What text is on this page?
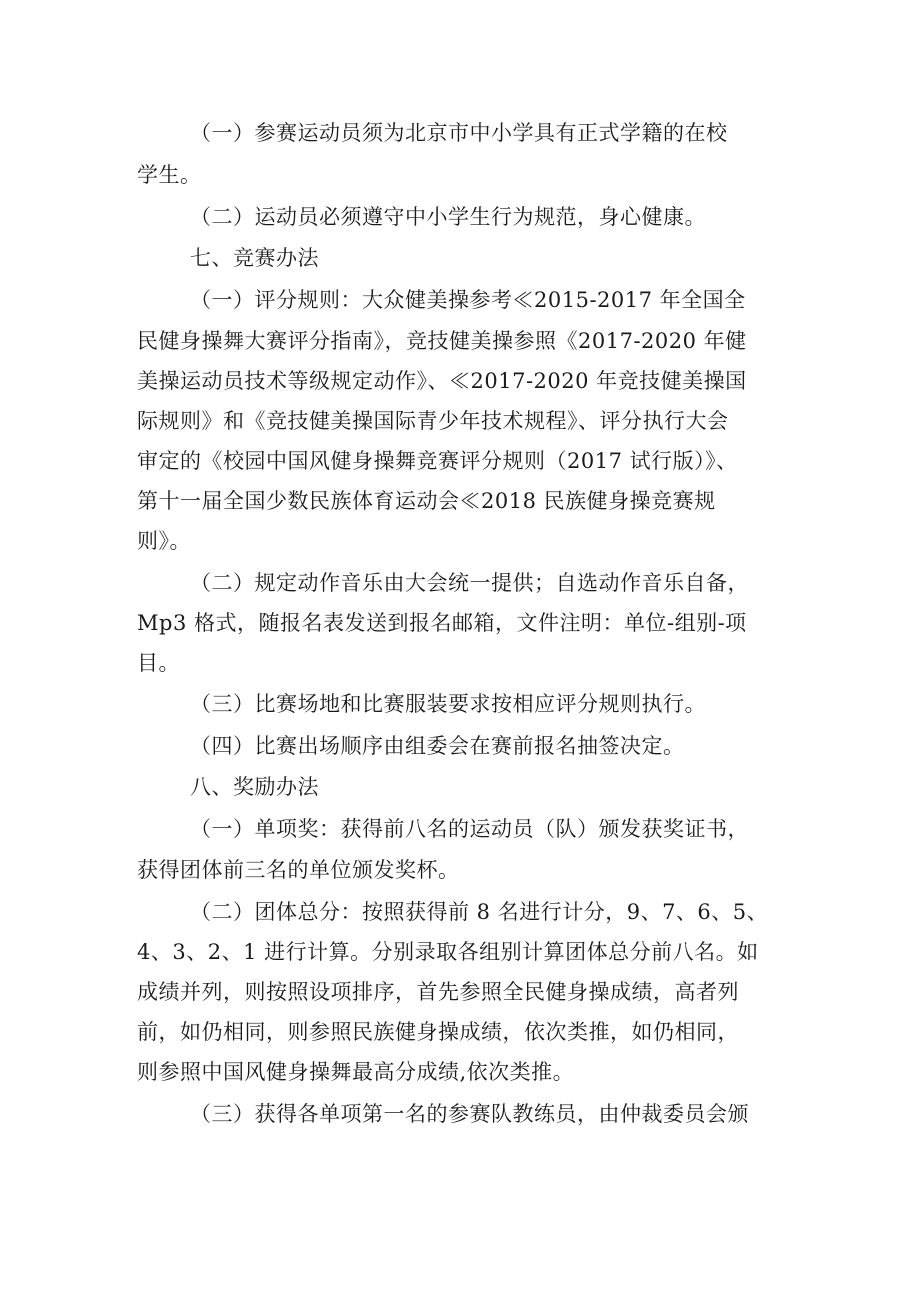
（一）参赛运动员须为北京市中小学具有正式学籍的在校
学生。
（二）运动员必须遵守中小学生行为规范，身心健康。
七、竞赛办法
（一）评分规则：大众健美操参考≪2015-2017 年全国全
民健身操舞大赛评分指南》，竞技健美操参照《2017-2020 年健
美操运动员技术等级规定动作》、≪2017-2020 年竞技健美操国
际规则》和《竞技健美操国际青少年技术规程》、评分执行大会
审定的《校园中国风健身操舞竞赛评分规则（2017 试行版）》、
第十一届全国少数民族体育运动会≪2018 民族健身操竞赛规
则》。
（二）规定动作音乐由大会统一提供；自选动作音乐自备，
Mp3 格式，随报名表发送到报名邮箱，文件注明：单位-组别-项
目。
（三）比赛场地和比赛服装要求按相应评分规则执行。
（四）比赛出场顺序由组委会在赛前报名抽签决定。
八、奖励办法
（一）单项奖：获得前八名的运动员（队）颁发获奖证书，
获得团体前三名的单位颁发奖杯。
（二）团体总分：按照获得前 8 名进行计分，9、7、6、5、
4、3、2、1 进行计算。分别录取各组别计算团体总分前八名。如
成绩并列，则按照设项排序，首先参照全民健身操成绩，高者列
前，如仍相同，则参照民族健身操成绩，依次类推，如仍相同，
则参照中国风健身操舞最高分成绩,依次类推。
（三）获得各单项第一名的参赛队教练员，由仲裁委员会颁
